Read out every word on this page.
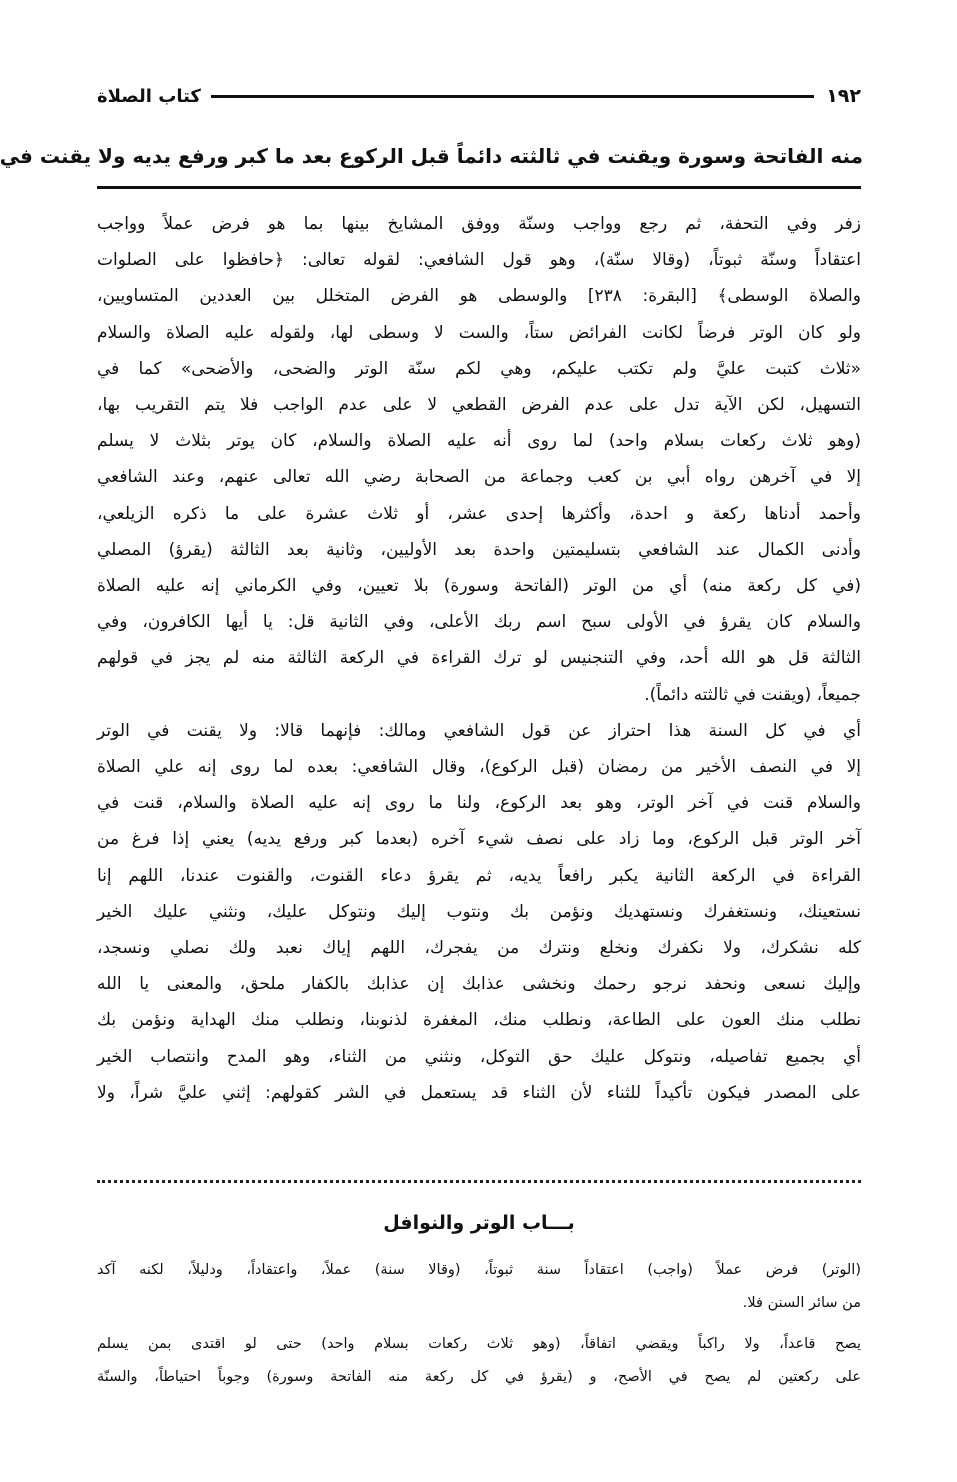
١٩٢
كتاب الصلاة
منه الفاتحة وسورة ويقنت في ثالثته دائماً قبل الركوع بعد ما كبر ورفع يديه ولا يقنت في

زفر وفي التحفة، ثم رجع وواجب وسنّة ووفق المشايخ بينها بما هو فرض عملاً وواجب

اعتقاداً وسنّة ثبوتاً، (وقالا سنّة)، وهو قول الشافعي: لقوله تعالى: ﴿حافظوا على الصلوات

والصلاة الوسطى﴾ [البقرة: ٢٣٨] والوسطى هو الفرض المتخلل بين العددين المتساويين،

ولو كان الوتر فرضاً لكانت الفرائض ستاً، والست لا وسطى لها، ولقوله عليه الصلاة والسلام

«ثلاث كتبت عليَّ ولم تكتب عليكم، وهي لكم سنّة الوتر والضحى، والأضحى» كما في

التسهيل، لكن الآية تدل على عدم الفرض القطعي لا على عدم الواجب فلا يتم التقريب بها،

(وهو ثلاث ركعات بسلام واحد) لما روى أنه عليه الصلاة والسلام، كان يوتر بثلاث لا يسلم

إلا في آخرهن رواه أبي بن كعب وجماعة من الصحابة رضي الله تعالى عنهم، وعند الشافعي

وأحمد أدناها ركعة و احدة، وأكثرها إحدى عشر، أو ثلاث عشرة على ما ذكره الزيلعي،

وأدنى الكمال عند الشافعي بتسليمتين واحدة بعد الأوليين، وثانية بعد الثالثة (يقرؤ) المصلي

(في كل ركعة منه) أي من الوتر (الفاتحة وسورة) بلا تعيين، وفي الكرماني إنه عليه الصلاة

والسلام كان يقرؤ في الأولى سبح اسم ربك الأعلى، وفي الثانية قل: يا أيها الكافرون، وفي

الثالثة قل هو الله أحد، وفي التنجنيس لو ترك القراءة في الركعة الثالثة منه لم يجز في قولهم

جميعاً، (ويقنت في ثالثته دائماً).

أي في كل السنة هذا احتراز عن قول الشافعي ومالك: فإنهما قالا: ولا يقنت في الوتر

إلا في النصف الأخير من رمضان (قبل الركوع)، وقال الشافعي: بعده لما روى إنه علي الصلاة

والسلام قنت في آخر الوتر، وهو بعد الركوع، ولنا ما روى إنه عليه الصلاة والسلام، قنت في

آخر الوتر قبل الركوع، وما زاد على نصف شيء آخره (بعدما كبر ورفع يديه) يعني إذا فرغ من

القراءة في الركعة الثانية يكبر رافعاً يديه، ثم يقرؤ دعاء القنوت، والقنوت عندنا، اللهم إنا

نستعينك، ونستغفرك ونستهديك ونؤمن بك ونتوب إليك ونتوكل عليك، ونثني عليك الخير

كله نشكرك، ولا نكفرك ونخلع ونترك من يفجرك، اللهم إياك نعبد ولك نصلي ونسجد،

وإليك نسعى ونحفد نرجو رحمك ونخشى عذابك إن عذابك بالكفار ملحق، والمعنى يا الله

نطلب منك العون على الطاعة، ونطلب منك، المغفرة لذنوبنا، ونطلب منك الهداية ونؤمن بك

أي بجميع تفاصيله، ونتوكل عليك حق التوكل، ونثني من الثناء، وهو المدح وانتصاب الخير

على المصدر فيكون تأكيداً للثناء لأن الثناء قد يستعمل في الشر كقولهم: إثني عليَّ شراً، ولا

بـــاب الوتر والنوافل

(الوتر) فرض عملاً (واجب) اعتقاداً سنة ثبوتاً، (وقالا سنة) عملاً، واعتقاداً، ودليلاً، لكنه آكد

من سائر السنن فلا.

يصح قاعداً، ولا راكباً ويقضي اتفاقاً، (وهو ثلاث ركعات بسلام واحد) حتى لو اقتدى بمن يسلم

على ركعتين لم يصح في الأصح، و (يقرؤ في كل ركعة منه الفاتحة وسورة) وجوباً احتياطاً، والسنّة
